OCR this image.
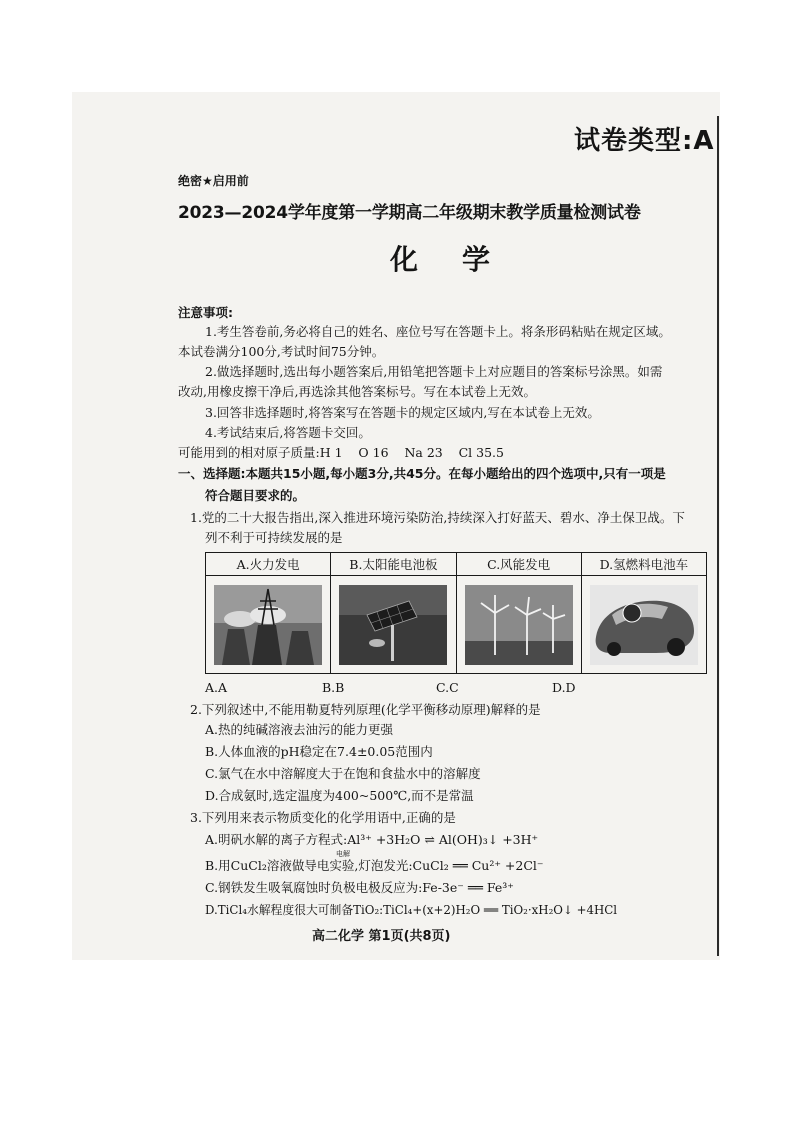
试卷类型:A
绝密★启用前
2023—2024学年度第一学期高二年级期末教学质量检测试卷
化学
注意事项:
1.考生答卷前,务必将自己的姓名、座位号写在答题卡上。将条形码粘贴在规定区域。
本试卷满分100分,考试时间75分钟。
2.做选择题时,选出每小题答案后,用铅笔把答题卡上对应题目的答案标号涂黑。如需
改动,用橡皮擦干净后,再选涂其他答案标号。写在本试卷上无效。
3.回答非选择题时,将答案写在答题卡的规定区域内,写在本试卷上无效。
4.考试结束后,将答题卡交回。
可能用到的相对原子质量:H 1    O 16    Na 23    Cl 35.5
一、选择题:本题共15小题,每小题3分,共45分。在每小题给出的四个选项中,只有一项是
符合题目要求的。
1.党的二十大报告指出,深入推进环境污染防治,持续深入打好蓝天、碧水、净土保卫战。下
列不利于可持续发展的是
A.火力发电	B.太阳能电池板	C.风能发电	D.氢燃料电池车

A.A	B.B	C.C	D.D
2.下列叙述中,不能用勒夏特列原理(化学平衡移动原理)解释的是
A.热的纯碱溶液去油污的能力更强
B.人体血液的pH稳定在7.4±0.05范围内
C.氯气在水中溶解度大于在饱和食盐水中的溶解度
D.合成氨时,选定温度为400~500℃,而不是常温
3.下列用来表示物质变化的化学用语中,正确的是
A.明矾水解的离子方程式:Al³⁺ +3H₂O ⇌ Al(OH)₃↓ +3H⁺
电解
B.用CuCl₂溶液做导电实验,灯泡发光:CuCl₂ ══ Cu²⁺ +2Cl⁻
C.钢铁发生吸氧腐蚀时负极电极反应为:Fe-3e⁻ ══ Fe³⁺
D.TiCl₄水解程度很大可制备TiO₂:TiCl₄+(x+2)H₂O ══ TiO₂·xH₂O↓ +4HCl
高二化学 第1页(共8页)
